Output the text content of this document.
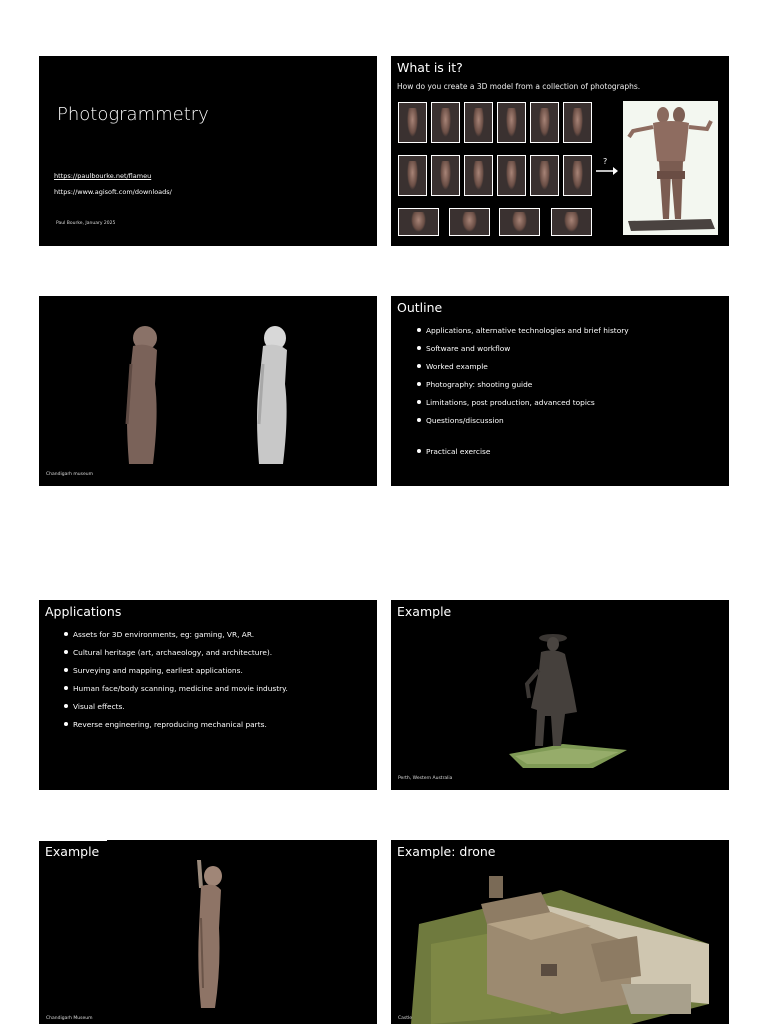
Photogrammetry
https://paulbourke.net/flameu
https://www.agisoft.com/downloads/
Paul Bourke, January 2025
What is it?
How do you create a 3D model from a collection of photographs.
?
Chandigarh museum
Outline
Applications, alternative technologies and brief history
Software and workflow
Worked example
Photography: shooting guide
Limitations, post production, advanced topics
Questions/discussion
Practical exercise
Applications
Assets for 3D environments, eg: gaming, VR, AR.
Cultural heritage (art, archaeology, and architecture).
Surveying and mapping, earliest applications.
Human face/body scanning, medicine and movie industry.
Visual effects.
Reverse engineering, reproducing mechanical parts.
Example
Perth, Western Australia
Example
Chandigarh Museum
Example: drone
Castle
